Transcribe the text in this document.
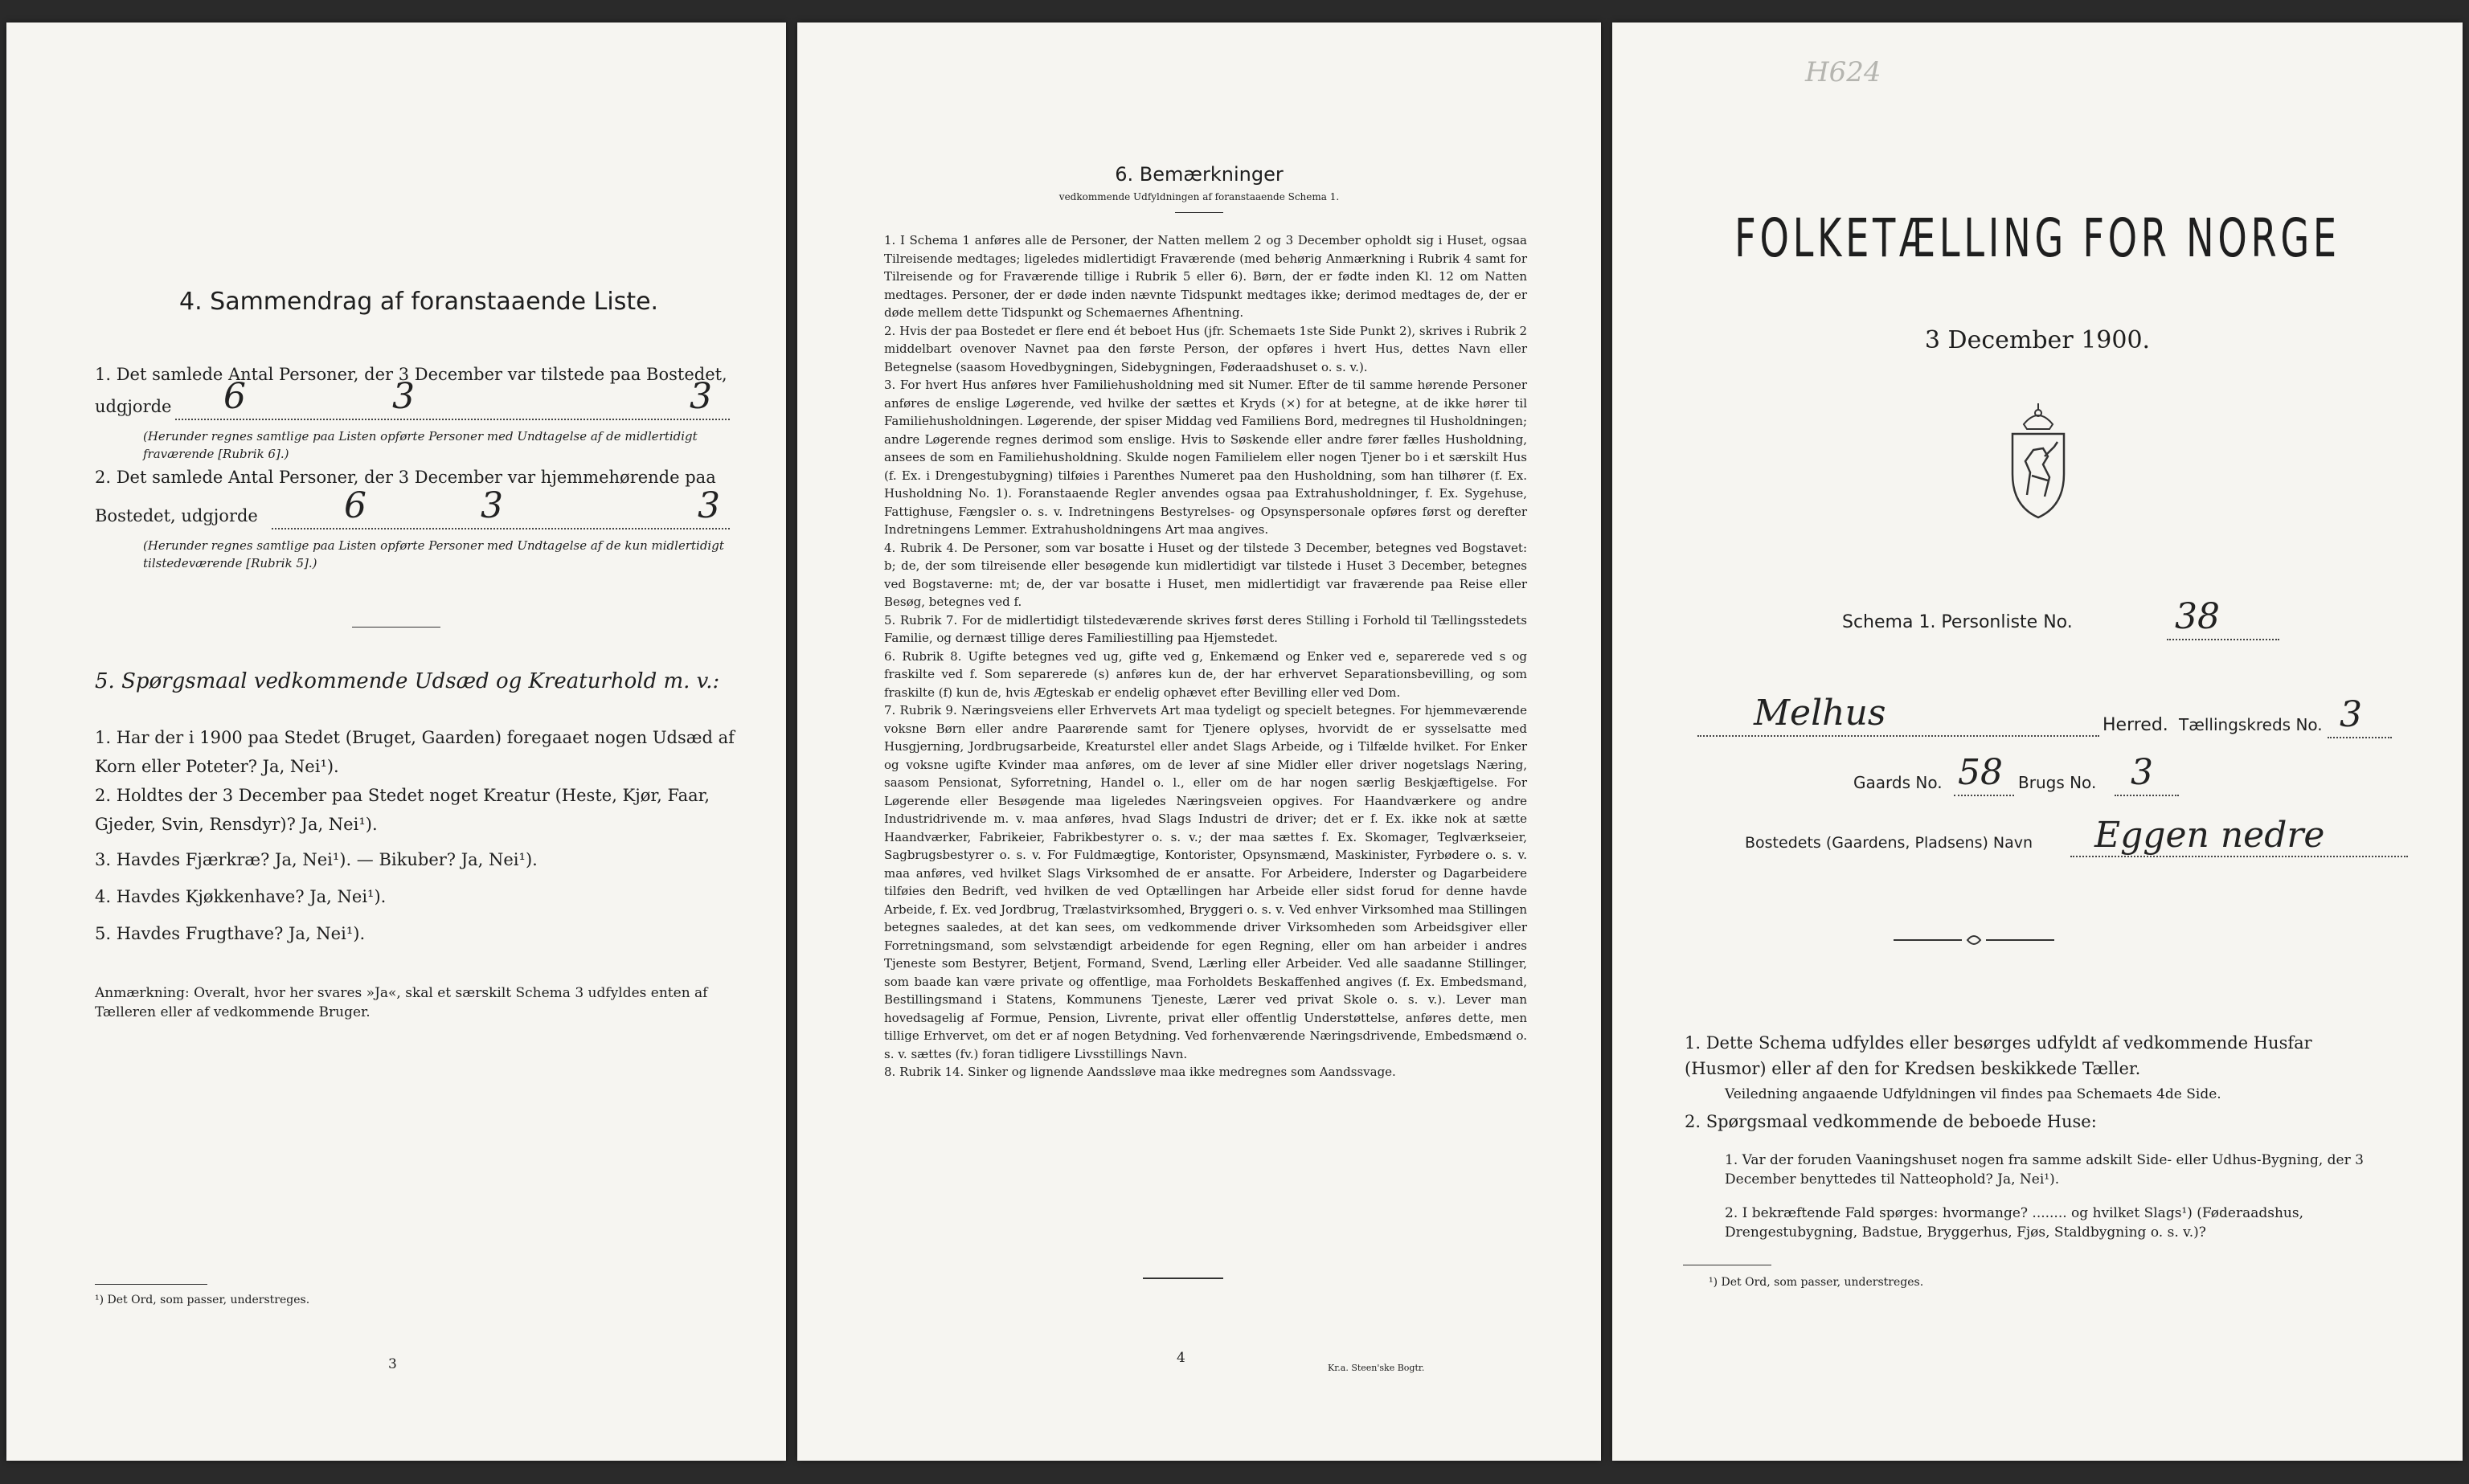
4. Sammendrag af foranstaaende Liste.
1. Det samlede Antal Personer, der 3 December var tilstede paa Bostedet,
udgjorde 6	3	3
(Herunder regnes samtlige paa Listen opførte Personer med Undtagelse af de midlertidigt fraværende [Rubrik 6].)
2. Det samlede Antal Personer, der 3 December var hjemmehørende paa
Bostedet, udgjorde 6	3	3
(Herunder regnes samtlige paa Listen opførte Personer med Undtagelse af de kun midlertidigt tilstedeværende [Rubrik 5].)
5. Spørgsmaal vedkommende Udsæd og Kreaturhold m. v.:
1. Har der i 1900 paa Stedet (Bruget, Gaarden) foregaaet nogen Udsæd af Korn eller Poteter? Ja, Nei¹).
2. Holdtes der 3 December paa Stedet noget Kreatur (Heste, Kjør, Faar, Gjeder, Svin, Rensdyr)? Ja, Nei¹).
3. Havdes Fjærkræ? Ja, Nei¹). — Bikuber? Ja, Nei¹).
4. Havdes Kjøkkenhave? Ja, Nei¹).
5. Havdes Frugthave? Ja, Nei¹).
Anmærkning: Overalt, hvor her svares »Ja«, skal et særskilt Schema 3 udfyldes enten af Tælleren eller af vedkommende Bruger.
¹) Det Ord, som passer, understreges.
3
6. Bemærkninger
vedkommende Udfyldningen af foranstaaende Schema 1.

1. I Schema 1 anføres alle de Personer, der Natten mellem 2 og 3 December opholdt sig i Huset, ogsaa Tilreisende medtages; ligeledes midlertidigt Fraværende (med behørig Anmærkning i Rubrik 4 samt for Tilreisende og for Fraværende tillige i Rubrik 5 eller 6). Børn, der er fødte inden Kl. 12 om Natten medtages. Personer, der er døde inden nævnte Tidspunkt medtages ikke; derimod medtages de, der er døde mellem dette Tidspunkt og Schemaernes Afhentning.

2. Hvis der paa Bostedet er flere end ét beboet Hus (jfr. Schemaets 1ste Side Punkt 2), skrives i Rubrik 2 middelbart ovenover Navnet paa den første Person, der opføres i hvert Hus, dettes Navn eller Betegnelse (saasom Hovedbygningen, Sidebygningen, Føderaadshuset o. s. v.).

3. For hvert Hus anføres hver Familiehusholdning med sit Numer. Efter de til samme hørende Personer anføres de enslige Løgerende, ved hvilke der sættes et Kryds (×) for at betegne, at de ikke hører til Familiehusholdningen. Løgerende, der spiser Middag ved Familiens Bord, medregnes til Husholdningen; andre Løgerende regnes derimod som enslige. Hvis to Søskende eller andre fører fælles Husholdning, ansees de som en Familiehusholdning. Skulde nogen Familielem eller nogen Tjener bo i et særskilt Hus (f. Ex. i Drengestubygning) tilføies i Parenthes Numeret paa den Husholdning, som han tilhører (f. Ex. Husholdning No. 1). Foranstaaende Regler anvendes ogsaa paa Extrahusholdninger, f. Ex. Sygehuse, Fattighuse, Fængsler o. s. v. Indretningens Bestyrelses- og Opsynspersonale opføres først og derefter Indretningens Lemmer. Extrahusholdningens Art maa angives.

4. Rubrik 4. De Personer, som var bosatte i Huset og der tilstede 3 December, betegnes ved Bogstavet: b; de, der som tilreisende eller besøgende kun midlertidigt var tilstede i Huset 3 December, betegnes ved Bogstaverne: mt; de, der var bosatte i Huset, men midlertidigt var fraværende paa Reise eller Besøg, betegnes ved f.

5. Rubrik 7. For de midlertidigt tilstedeværende skrives først deres Stilling i Forhold til Tællingsstedets Familie, og dernæst tillige deres Familiestilling paa Hjemstedet.

6. Rubrik 8. Ugifte betegnes ved ug, gifte ved g, Enkemænd og Enker ved e, separerede ved s og fraskilte ved f. Som separerede (s) anføres kun de, der har erhvervet Separationsbevilling, og som fraskilte (f) kun de, hvis Ægteskab er endelig ophævet efter Bevilling eller ved Dom.

7. Rubrik 9. Næringsveiens eller Erhvervets Art maa tydeligt og specielt betegnes. For hjemmeværende voksne Børn eller andre Paarørende samt for Tjenere oplyses, hvorvidt de er sysselsatte med Husgjerning, Jordbrugsarbeide, Kreaturstel eller andet Slags Arbeide, og i Tilfælde hvilket. For Enker og voksne ugifte Kvinder maa anføres, om de lever af sine Midler eller driver nogetslags Næring, saasom Pensionat, Syforretning, Handel o. l., eller om de har nogen særlig Beskjæftigelse. For Løgerende eller Besøgende maa ligeledes Næringsveien opgives. For Haandværkere og andre Industridrivende m. v. maa anføres, hvad Slags Industri de driver; det er f. Ex. ikke nok at sætte Haandværker, Fabrikeier, Fabrikbestyrer o. s. v.; der maa sættes f. Ex. Skomager, Teglværkseier, Sagbrugsbestyrer o. s. v. For Fuldmægtige, Kontorister, Opsynsmænd, Maskinister, Fyrbødere o. s. v. maa anføres, ved hvilket Slags Virksomhed de er ansatte. For Arbeidere, Inderster og Dagarbeidere tilføies den Bedrift, ved hvilken de ved Optællingen har Arbeide eller sidst forud for denne havde Arbeide, f. Ex. ved Jordbrug, Trælastvirksomhed, Bryggeri o. s. v. Ved enhver Virksomhed maa Stillingen betegnes saaledes, at det kan sees, om vedkommende driver Virksomheden som Arbeidsgiver eller Forretningsmand, som selvstændigt arbeidende for egen Regning, eller om han arbeider i andres Tjeneste som Bestyrer, Betjent, Formand, Svend, Lærling eller Arbeider. Ved alle saadanne Stillinger, som baade kan være private og offentlige, maa Forholdets Beskaffenhed angives (f. Ex. Embedsmand, Bestillingsmand i Statens, Kommunens Tjeneste, Lærer ved privat Skole o. s. v.). Lever man hovedsagelig af Formue, Pension, Livrente, privat eller offentlig Understøttelse, anføres dette, men tillige Erhvervet, om det er af nogen Betydning. Ved forhenværende Næringsdrivende, Embedsmænd o. s. v. sættes (fv.) foran tidligere Livsstillings Navn.

8. Rubrik 14. Sinker og lignende Aandssløve maa ikke medregnes som Aandssvage.

4
Kr.a. Steen'ske Bogtr.
H624
FOLKETÆLLING FOR NORGE
3 December 1900.
Schema 1. Personliste No.	38
Melhus	Herred. Tællingskreds No. 3
Gaards No. 58 Brugs No. 3
Bostedets (Gaardens, Pladsens) Navn Eggen nedre
1. Dette Schema udfyldes eller besørges udfyldt af vedkommende Husfar (Husmor) eller af den for Kredsen beskikkede Tæller.
Veiledning angaaende Udfyldningen vil findes paa Schemaets 4de Side.
2. Spørgsmaal vedkommende de beboede Huse:
1. Var der foruden Vaaningshuset nogen fra samme adskilt Side- eller Udhus-Bygning, der 3 December benyttedes til Natteophold? Ja, Nei¹).
2. I bekræftende Fald spørges: hvormange? ........ og hvilket Slags¹) (Føderaadshus, Drengestubygning, Badstue, Bryggerhus, Fjøs, Staldbygning o. s. v.)?
¹) Det Ord, som passer, understreges.
